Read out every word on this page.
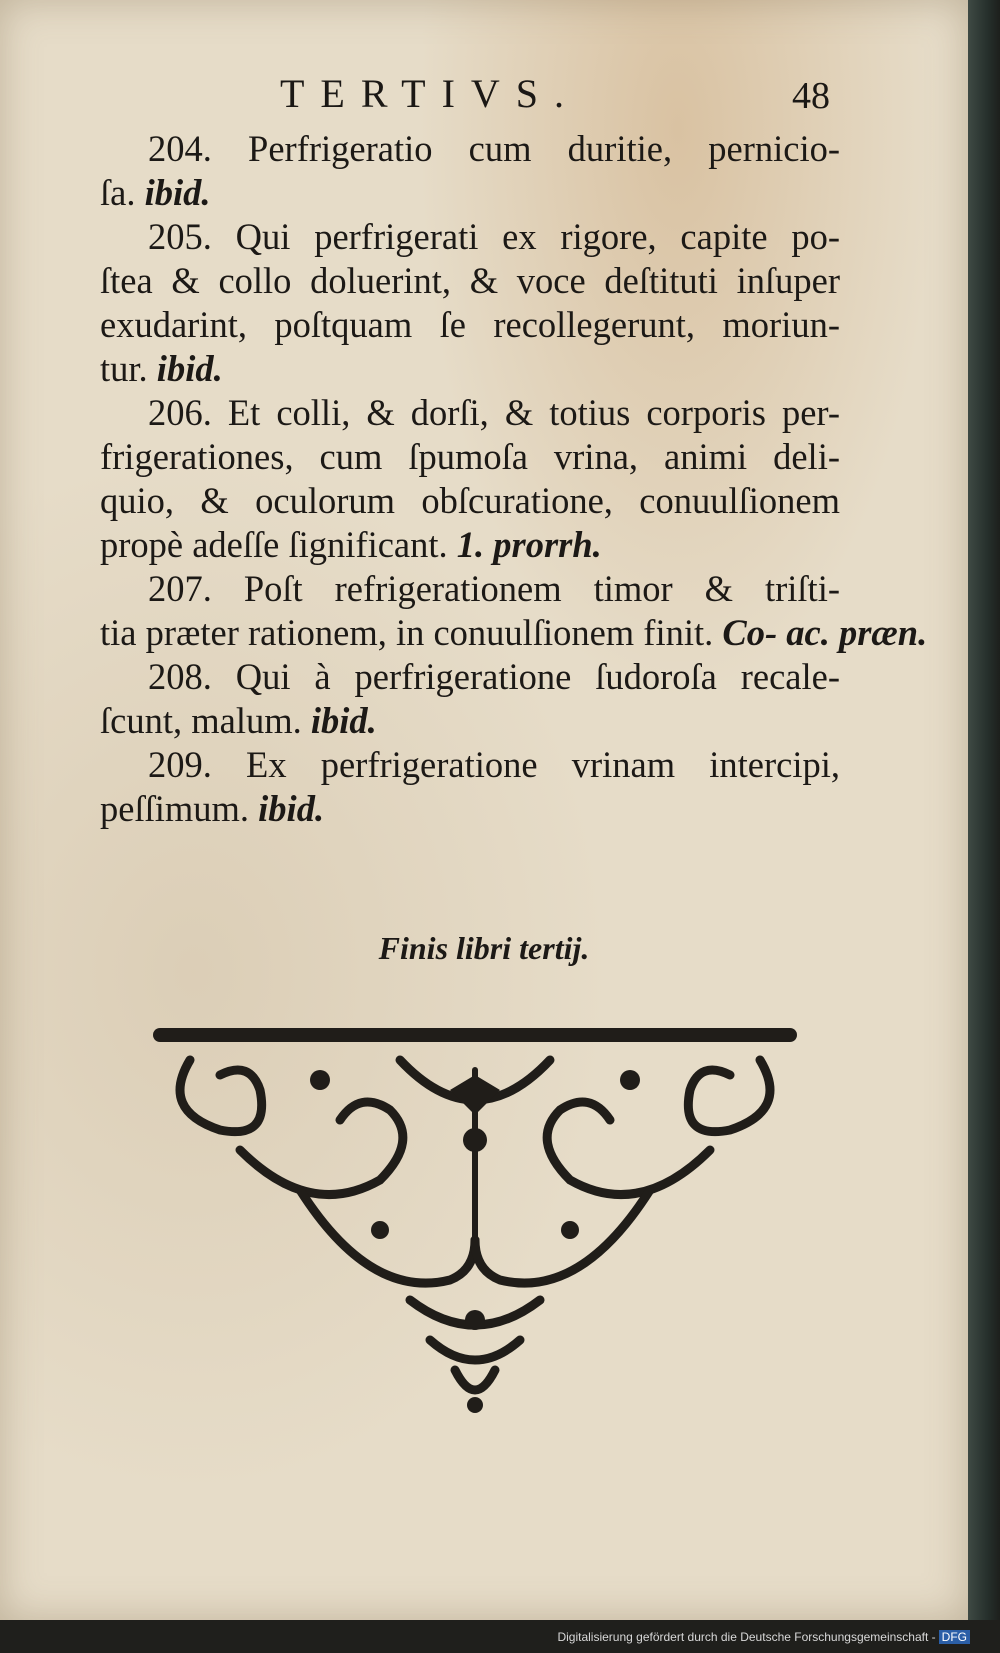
TERTIVS.	48
204. Perfrigeratio cum duritie, pernicio-
ſa. ibid.
205. Qui perfrigerati ex rigore, capite po-
ſtea & collo doluerint, & voce deſtituti inſuper
exudarint, poſtquam ſe recollegerunt, moriun-
tur. ibid.
206. Et colli, & dorſi, & totius corporis per-
frigerationes, cum ſpumoſa vrina, animi deli-
quio, & oculorum obſcuratione, conuulſionem
propè adeſſe ſignificant. 1. prorrh.
207. Poſt refrigerationem timor & triſti-
tia præter rationem, in conuulſionem finit. Co- ac. præn.
208. Qui à perfrigeratione ſudoroſa recale-
ſcunt, malum. ibid.
209. Ex perfrigeratione vrinam intercipi,
peſſimum. ibid.
Finis libri tertij.
Digitalisierung gefördert durch die Deutsche Forschungsgemeinschaft - DFG
